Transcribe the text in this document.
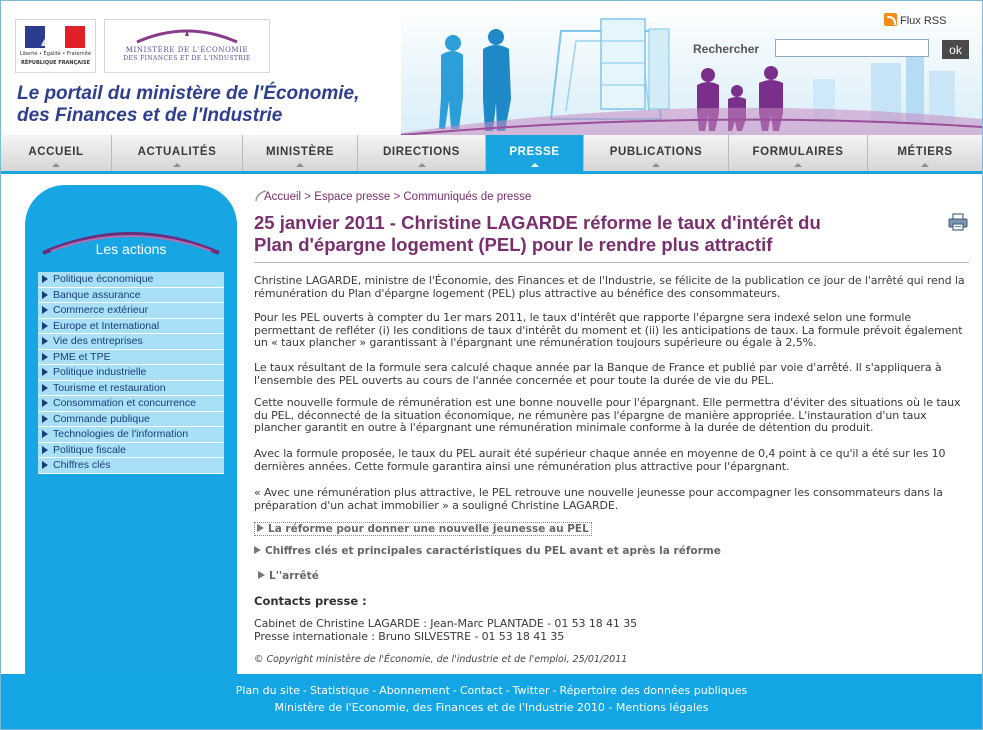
Liberté • Égalité • Fraternité
RÉPUBLIQUE FRANÇAISE
MINISTÈRE DE L'ÉCONOMIE
DES FINANCES ET DE L'INDUSTRIE
Le portail du ministère de l'Économie,
des Finances et de l'Industrie
Flux RSS
Rechercher	ok
ACCUEIL	ACTUALITÉS	MINISTÈRE	DIRECTIONS	PRESSE	PUBLICATIONS	FORMULAIRES	MÉTIERS
Les actions
Politique économique
Banque assurance
Commerce extérieur
Europe et International
Vie des entreprises
PME et TPE
Politique industrielle
Tourisme et restauration
Consommation et concurrence
Commande publique
Technologies de l'information
Politique fiscale
Chiffres clés
Accueil > Espace presse > Communiqués de presse
25 janvier 2011 - Christine LAGARDE réforme le taux d'intérêt du
Plan d'épargne logement (PEL) pour le rendre plus attractif

Christine LAGARDE, ministre de l'Économie, des Finances et de l'Industrie, se félicite de la publication ce jour de l'arrêté qui rend la rémunération du Plan d'épargne logement (PEL) plus attractive au bénéfice des consommateurs.

Pour les PEL ouverts à compter du 1er mars 2011, le taux d'intérêt que rapporte l'épargne sera indexé selon une formule permettant de refléter (i) les conditions de taux d'intérêt du moment et (ii) les anticipations de taux. La formule prévoit également un « taux plancher » garantissant à l'épargnant une rémunération toujours supérieure ou égale à 2,5%.

Le taux résultant de la formule sera calculé chaque année par la Banque de France et publié par voie d'arrêté. Il s'appliquera à l'ensemble des PEL ouverts au cours de l'année concernée et pour toute la durée de vie du PEL.

Cette nouvelle formule de rémunération est une bonne nouvelle pour l'épargnant. Elle permettra d'éviter des situations où le taux du PEL, déconnecté de la situation économique, ne rémunère pas l'épargne de manière appropriée. L'instauration d'un taux plancher garantit en outre à l'épargnant une rémunération minimale conforme à la durée de détention du produit.

Avec la formule proposée, le taux du PEL aurait été supérieur chaque année en moyenne de 0,4 point à ce qu'il a été sur les 10 dernières années. Cette formule garantira ainsi une rémunération plus attractive pour l'épargnant.

« Avec une rémunération plus attractive, le PEL retrouve une nouvelle jeunesse pour accompagner les consommateurs dans la préparation d'un achat immobilier » a souligné Christine LAGARDE.

La réforme pour donner une nouvelle jeunesse au PEL
Chiffres clés et principales caractéristiques du PEL avant et après la réforme
L''arrêté
Contacts presse :

Cabinet de Christine LAGARDE : Jean-Marc PLANTADE - 01 53 18 41 35

Presse internationale : Bruno SILVESTRE - 01 53 18 41 35

© Copyright ministère de l'Économie, de l'industrie et de l'emploi, 25/01/2011
Plan du site - Statistique - Abonnement - Contact - Twitter - Répertoire des données publiques
Ministère de l'Economie, des Finances et de l'Industrie 2010 - Mentions légales
